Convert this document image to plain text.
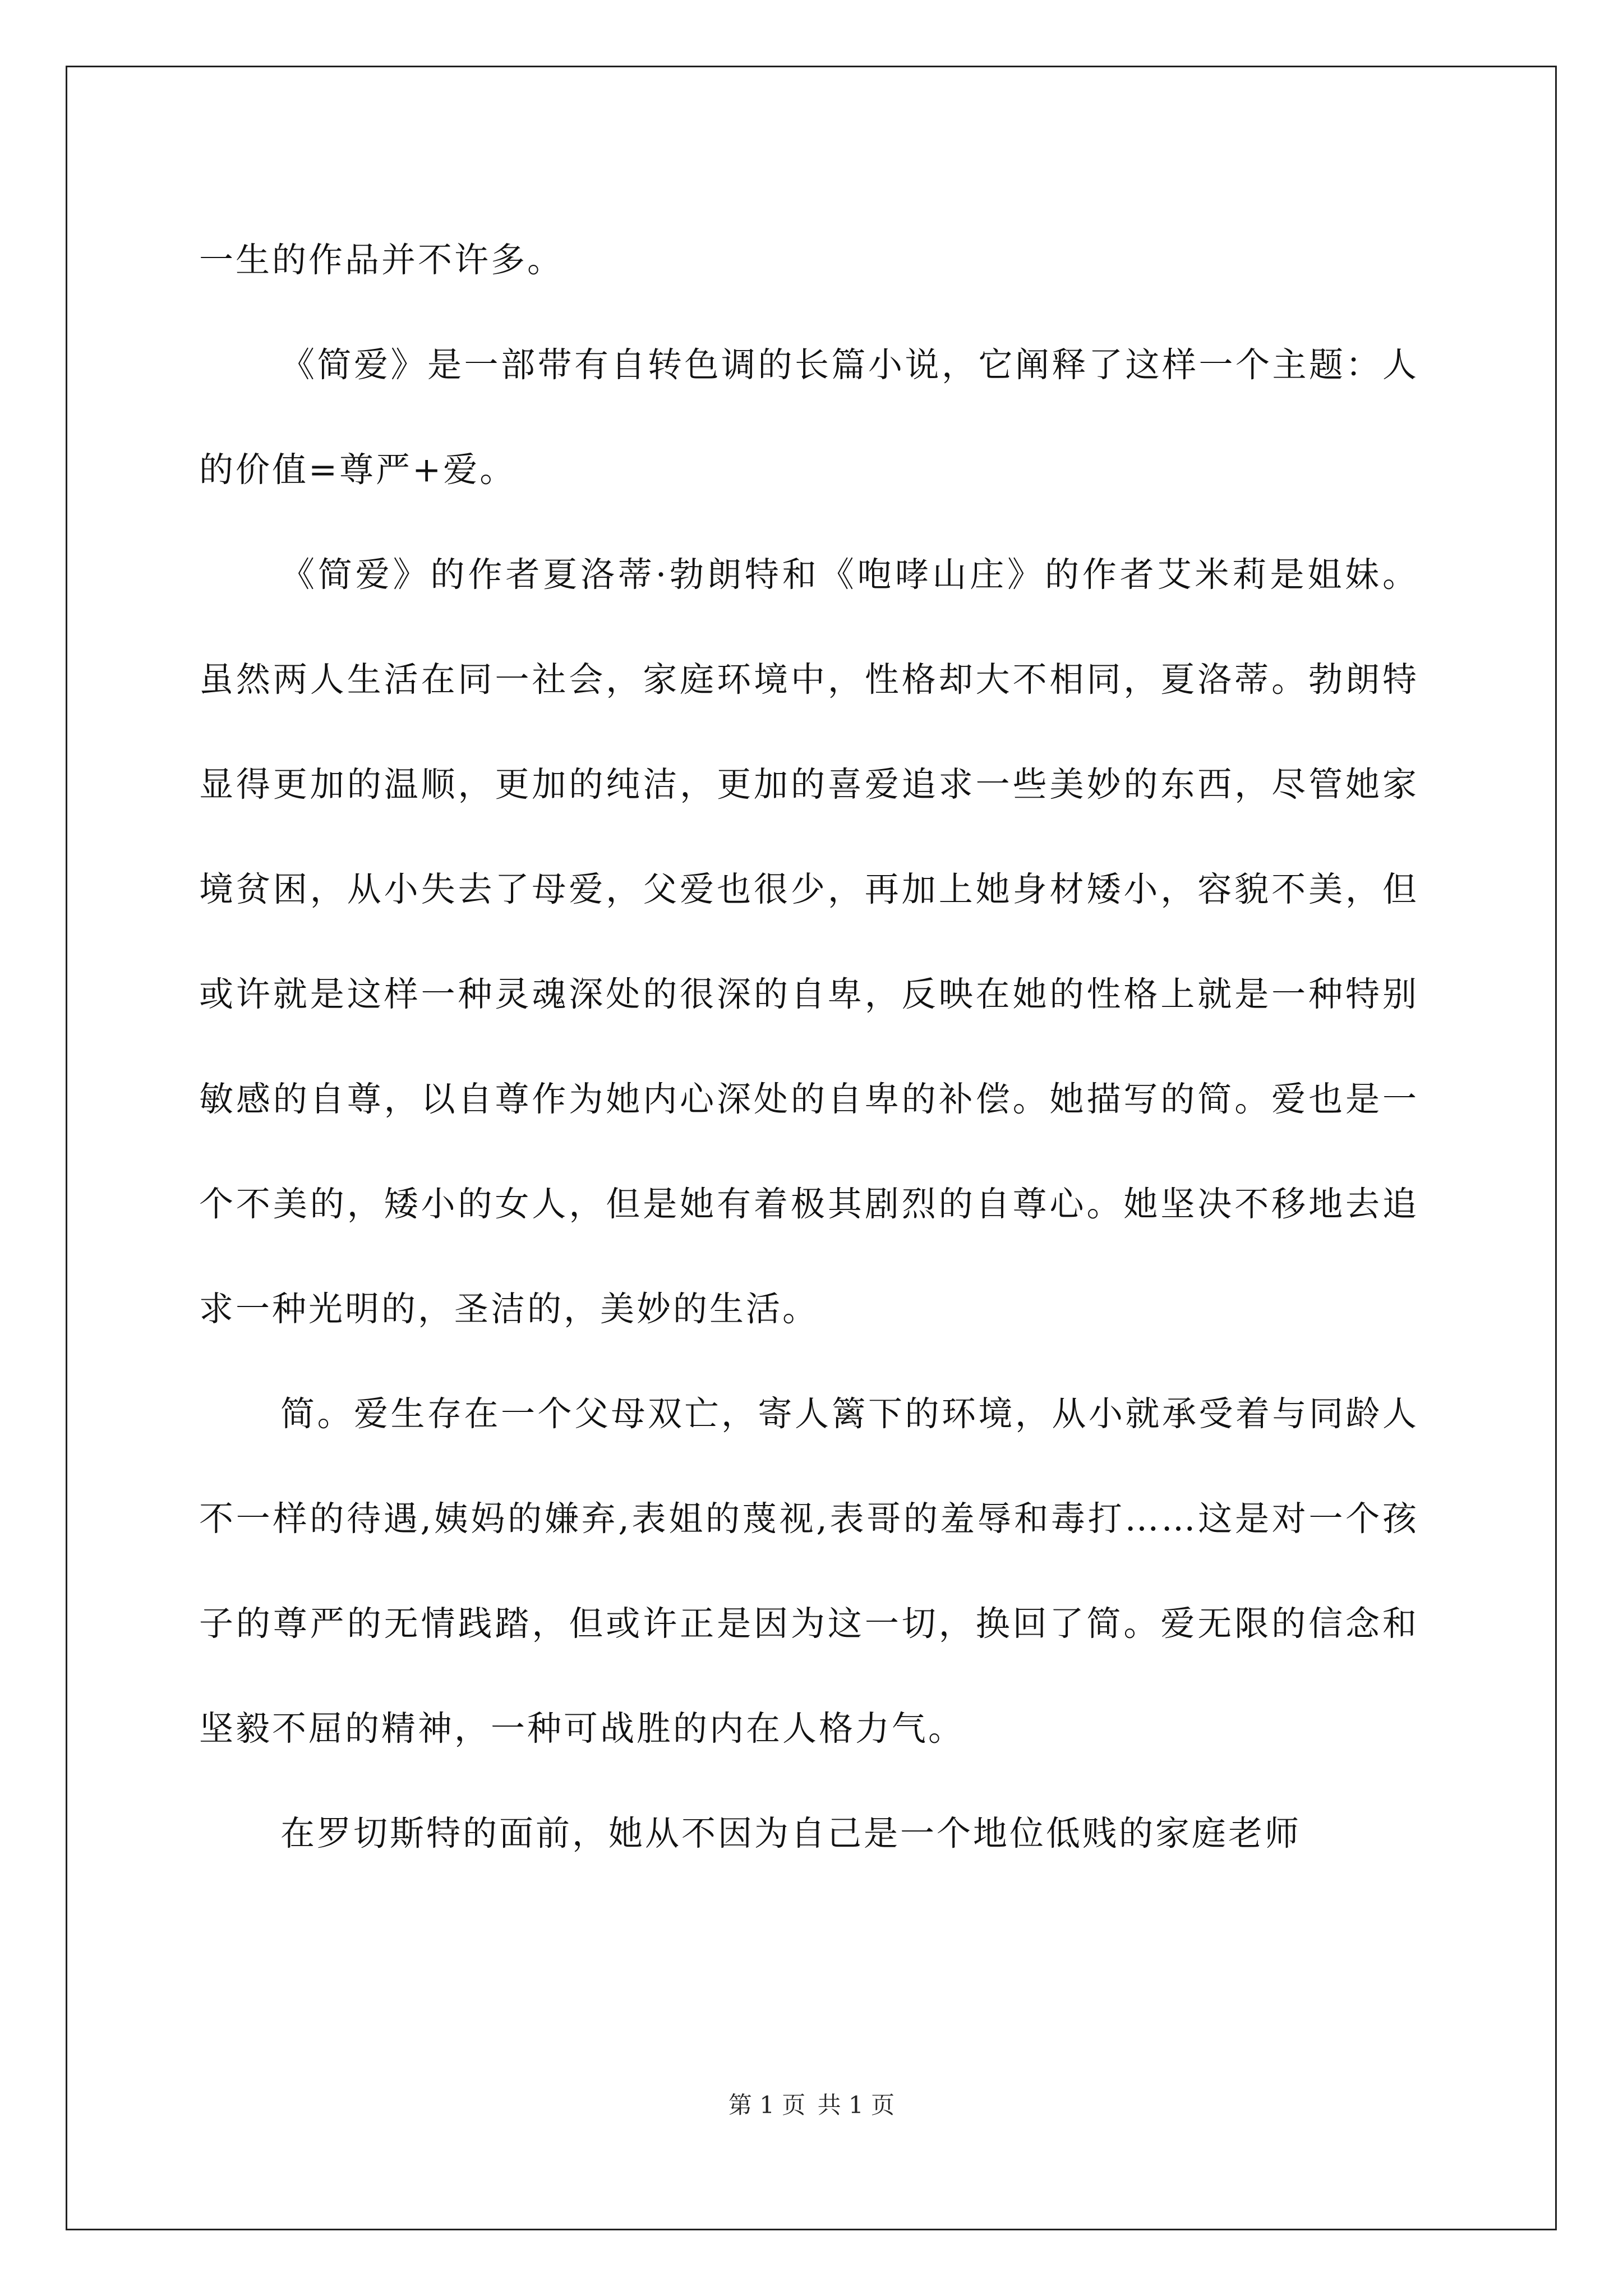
一生的作品并不许多。

《简爱》是一部带有自转色调的长篇小说，它阐释了这样一个主题：人的价值=尊严+爱。

《简爱》的作者夏洛蒂·勃朗特和《咆哮山庄》的作者艾米莉是姐妹。虽然两人生活在同一社会，家庭环境中，性格却大不相同，夏洛蒂。勃朗特显得更加的温顺，更加的纯洁，更加的喜爱追求一些美妙的东西，尽管她家境贫困，从小失去了母爱，父爱也很少，再加上她身材矮小，容貌不美，但或许就是这样一种灵魂深处的很深的自卑，反映在她的性格上就是一种特别敏感的自尊，以自尊作为她内心深处的自卑的补偿。她描写的简。爱也是一个不美的，矮小的女人，但是她有着极其剧烈的自尊心。她坚决不移地去追求一种光明的，圣洁的，美妙的生活。

简。爱生存在一个父母双亡，寄人篱下的环境，从小就承受着与同龄人不一样的待遇,姨妈的嫌弃,表姐的蔑视,表哥的羞辱和毒打……这是对一个孩子的尊严的无情践踏，但或许正是因为这一切，换回了简。爱无限的信念和坚毅不屈的精神，一种可战胜的内在人格力气。

在罗切斯特的面前，她从不因为自己是一个地位低贱的家庭老师

第 1 页 共 1 页
